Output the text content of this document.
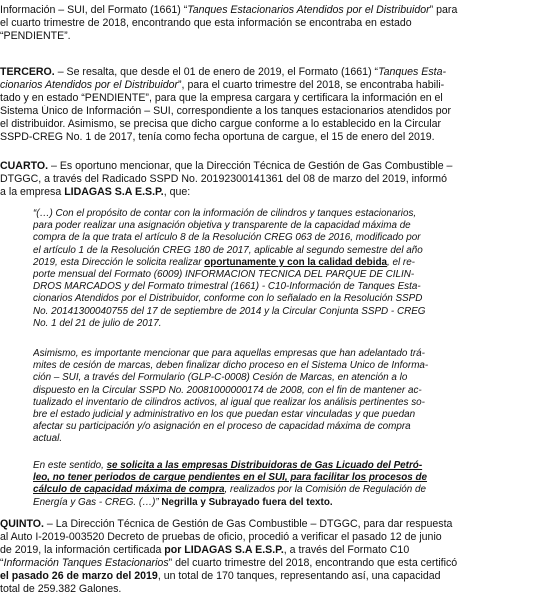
Información – SUI, del Formato (1661) “Tanques Estacionarios Atendidos por el Distribuidor” para
el cuarto trimestre de 2018, encontrando que esta información se encontraba en estado
“PENDIENTE”.
TERCERO. – Se resalta, que desde el 01 de enero de 2019, el Formato (1661) “Tanques Esta-
cionarios Atendidos por el Distribuidor”, para el cuarto trimestre del 2018, se encontraba habili-
tado y en estado “PENDIENTE”, para que la empresa cargara y certificara la información en el
Sistema Único de Información – SUI, correspondiente a los tanques estacionarios atendidos por
el distribuidor. Asimismo, se precisa que dicho cargue conforme a lo establecido en la Circular
SSPD-CREG No. 1 de 2017, tenía como fecha oportuna de cargue, el 15 de enero del 2019.
CUARTO. – Es oportuno mencionar, que la Dirección Técnica de Gestión de Gas Combustible –
DTGGC, a través del Radicado SSPD No. 20192300141361 del 08 de marzo del 2019, informó
a la empresa LIDAGAS S.A E.S.P., que:
“(…) Con el propósito de contar con la información de cilindros y tanques estacionarios,
para poder realizar una asignación objetiva y transparente de la capacidad máxima de
compra de la que trata el artículo 8 de la Resolución CREG 063 de 2016, modificado por
el artículo 1 de la Resolución CREG 180 de 2017, aplicable al segundo semestre del año
2019, esta Dirección le solicita realizar oportunamente y con la calidad debida, el re-
porte mensual del Formato (6009) INFORMACIÓN TÉCNICA DEL PARQUE DE CILIN-
DROS MARCADOS y del Formato trimestral (1661) - C10-Información de Tanques Esta-
cionarios Atendidos por el Distribuidor, conforme con lo señalado en la Resolución SSPD
No. 20141300040755 del 17 de septiembre de 2014 y la Circular Conjunta SSPD - CREG
No. 1 del 21 de julio de 2017.
Asimismo, es importante mencionar que para aquellas empresas que han adelantado trá-
mites de cesión de marcas, deben finalizar dicho proceso en el Sistema Único de Informa-
ción – SUI, a través del Formulario (GLP-C-0008) Cesión de Marcas, en atención a lo
dispuesto en la Circular SSPD No. 20081000000174 de 2008, con el fin de mantener ac-
tualizado el inventario de cilindros activos, al igual que realizar los análisis pertinentes so-
bre el estado judicial y administrativo en los que puedan estar vinculadas y que puedan
afectar su participación y/o asignación en el proceso de capacidad máxima de compra
actual.
En este sentido, se solicita a las empresas Distribuidoras de Gas Licuado del Petró-
leo, no tener periodos de cargue pendientes en el SUI, para facilitar los procesos de
cálculo de capacidad máxima de compra, realizados por la Comisión de Regulación de
Energía y Gas - CREG. (…)” Negrilla y Subrayado fuera del texto.
QUINTO. – La Dirección Técnica de Gestión de Gas Combustible – DTGGC, para dar respuesta
al Auto I-2019-003520 Decreto de pruebas de oficio, procedió a verificar el pasado 12 de junio
de 2019, la información certificada por LIDAGAS S.A E.S.P., a través del Formato C10
“Información Tanques Estacionarios” del cuarto trimestre del 2018, encontrando que esta certificó
el pasado 26 de marzo del 2019, un total de 170 tanques, representando así, una capacidad
total de 259.382 Galones.
